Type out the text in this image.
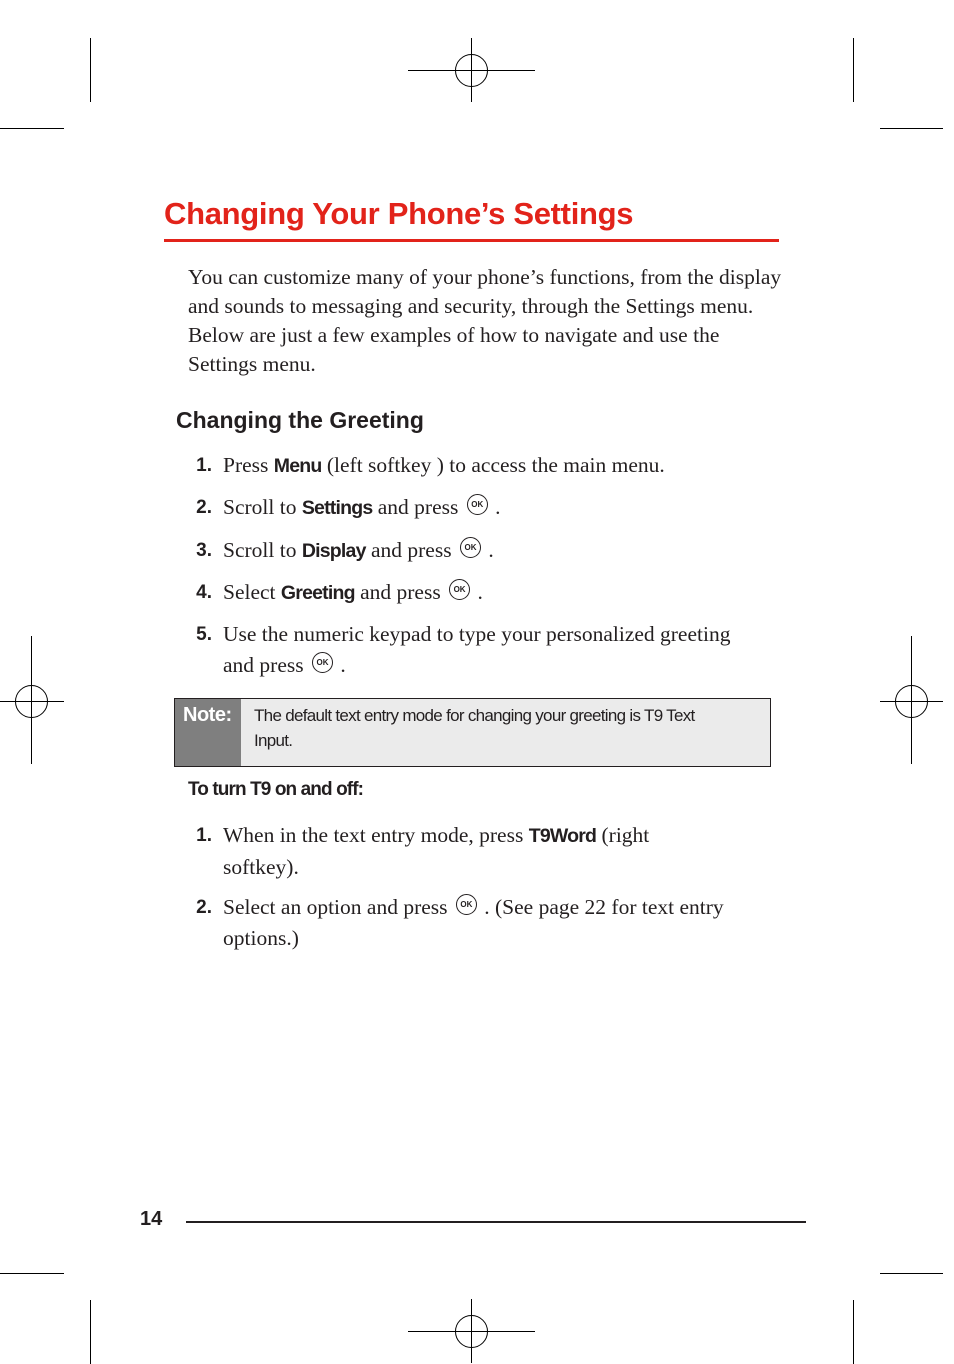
Changing Your Phone’s Settings
You can customize many of your phone’s functions, from the display and sounds to messaging and security, through the Settings menu. Below are just a few examples of how to navigate and use the Settings menu.
Changing the Greeting
1. Press Menu (left softkey ) to access the main menu.
2. Scroll to Settings and press OK .
3. Scroll to Display and press OK .
4. Select Greeting and press OK .
5. Use the numeric keypad to type your personalized greeting and press OK .
Note:	The default text entry mode for changing your greeting is T9 Text Input.
To turn T9 on and off:
1. When in the text entry mode, press T9Word (right softkey).
2. Select an option and press OK . (See page 22 for text entry options.)
14
